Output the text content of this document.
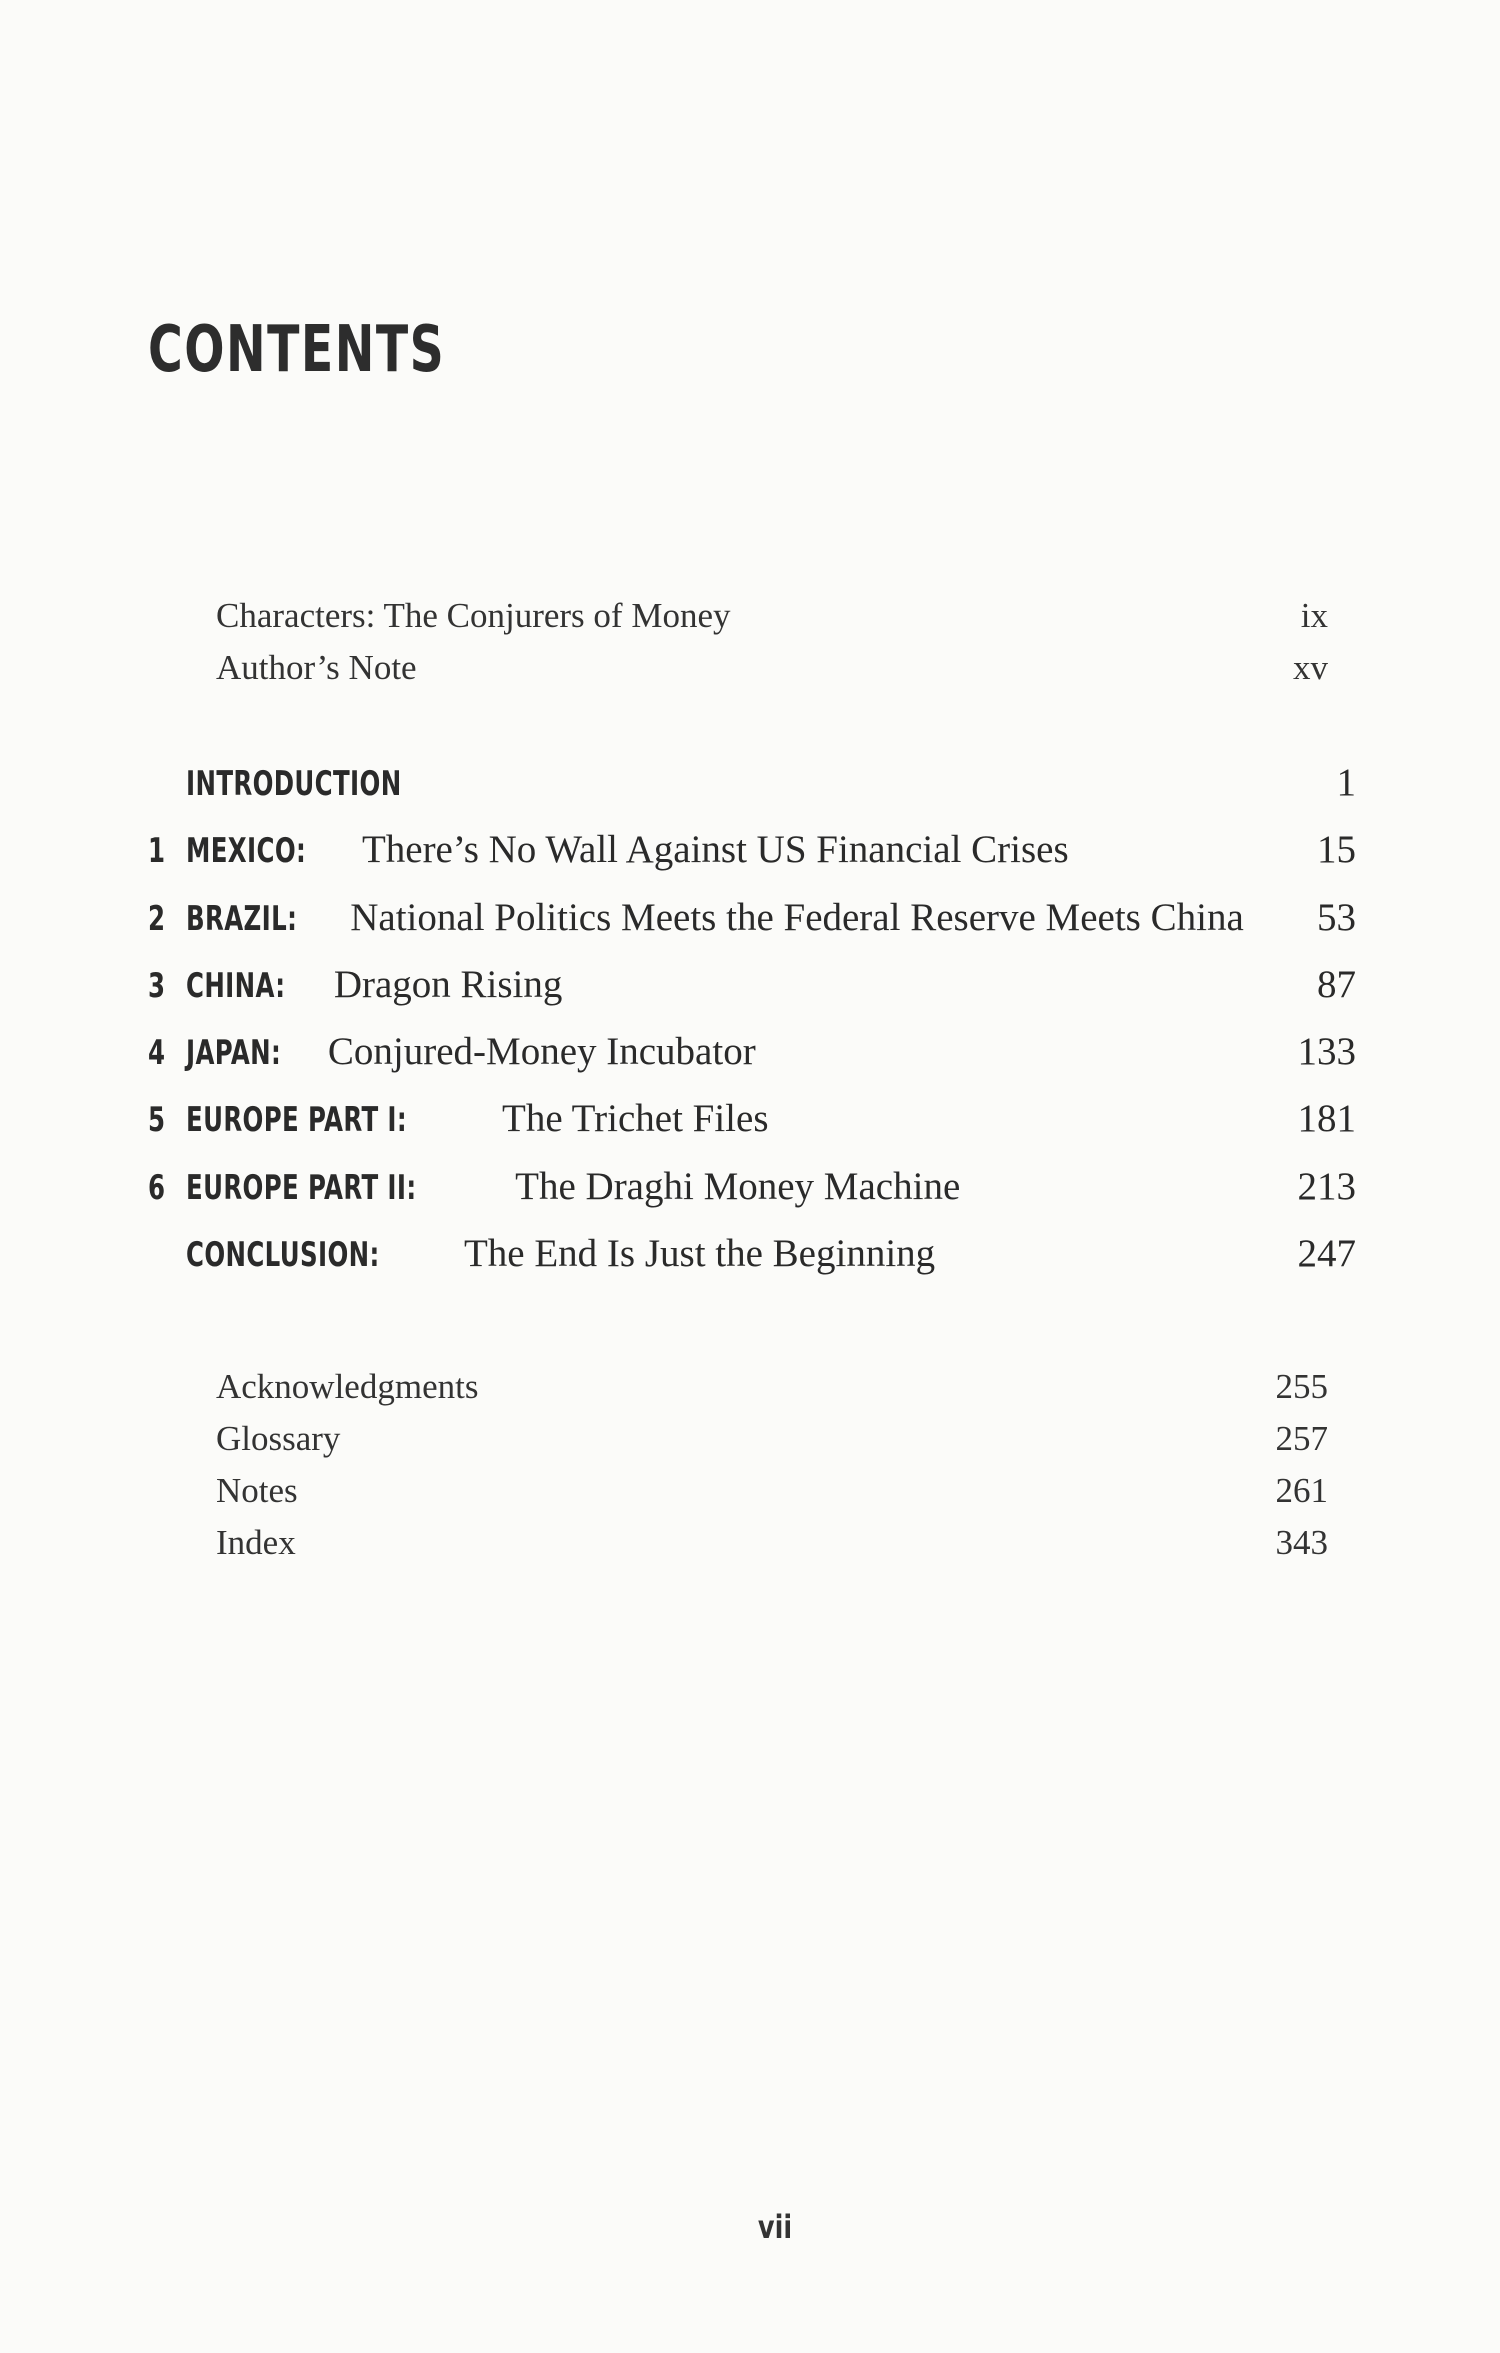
CONTENTS
Characters: The Conjurers of Money	ix
Author’s Note	xv
INTRODUCTION	1
1 MEXICO: There’s No Wall Against US Financial Crises	15
2 BRAZIL: National Politics Meets the Federal Reserve Meets China 53
3 CHINA: Dragon Rising	87
4 JAPAN: Conjured-Money Incubator	133
5 EUROPE PART I: The Trichet Files	181
6 EUROPE PART II:	The Draghi Money Machine	213
CONCLUSION: The End Is Just the Beginning	247
Acknowledgments	255
Glossary	257
Notes	261
Index	343
vii
